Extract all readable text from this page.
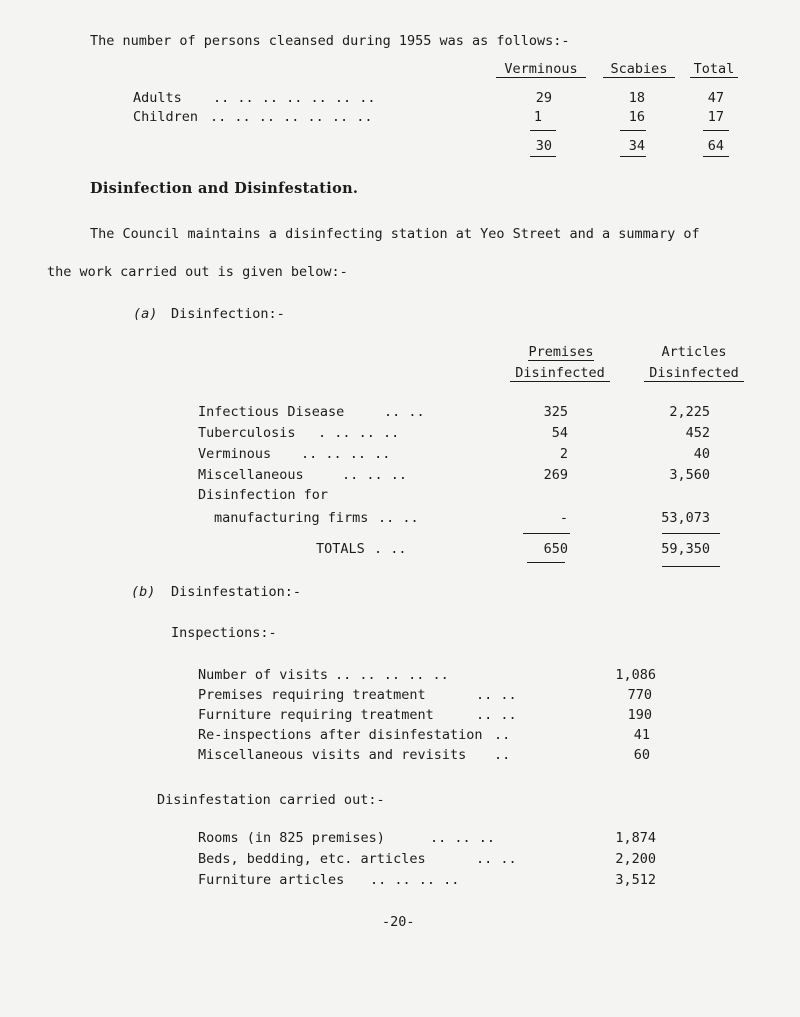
The number of persons cleansed during 1955 was as follows:-
Verminous	Scabies	Total
Adults .. .. .. .. .. .. ..	29	18	47
Children .. .. .. .. .. .. ..	1	16	17
30	34	64
Disinfection and Disinfestation.
The Council maintains a disinfecting station at Yeo Street and a summary of
the work carried out is given below:-
(a) Disinfection:-
Premises
Disinfected
Articles
Disinfected
Infectious Disease	.. ..	325	2,225
Tuberculosis . .. .. ..	54	452
Verminous .. .. .. ..	2	40
Miscellaneous	.. .. ..	269	3,560
Disinfection for
manufacturing firms .. ..	-	53,073
TOTALS . ..	650	59,350
(b) Disinfestation:-
Inspections:-
Number of visits .. .. .. .. ..	1,086
Premises requiring treatment	.. ..	770
Furniture requiring treatment	.. ..	190
Re-inspections after disinfestation ..	41
Miscellaneous visits and revisits ..	60
Disinfestation carried out:-
Rooms (in 825 premises)	.. .. ..	1,874
Beds, bedding, etc. articles	.. ..	2,200
Furniture articles .. .. .. ..	3,512
-20-
